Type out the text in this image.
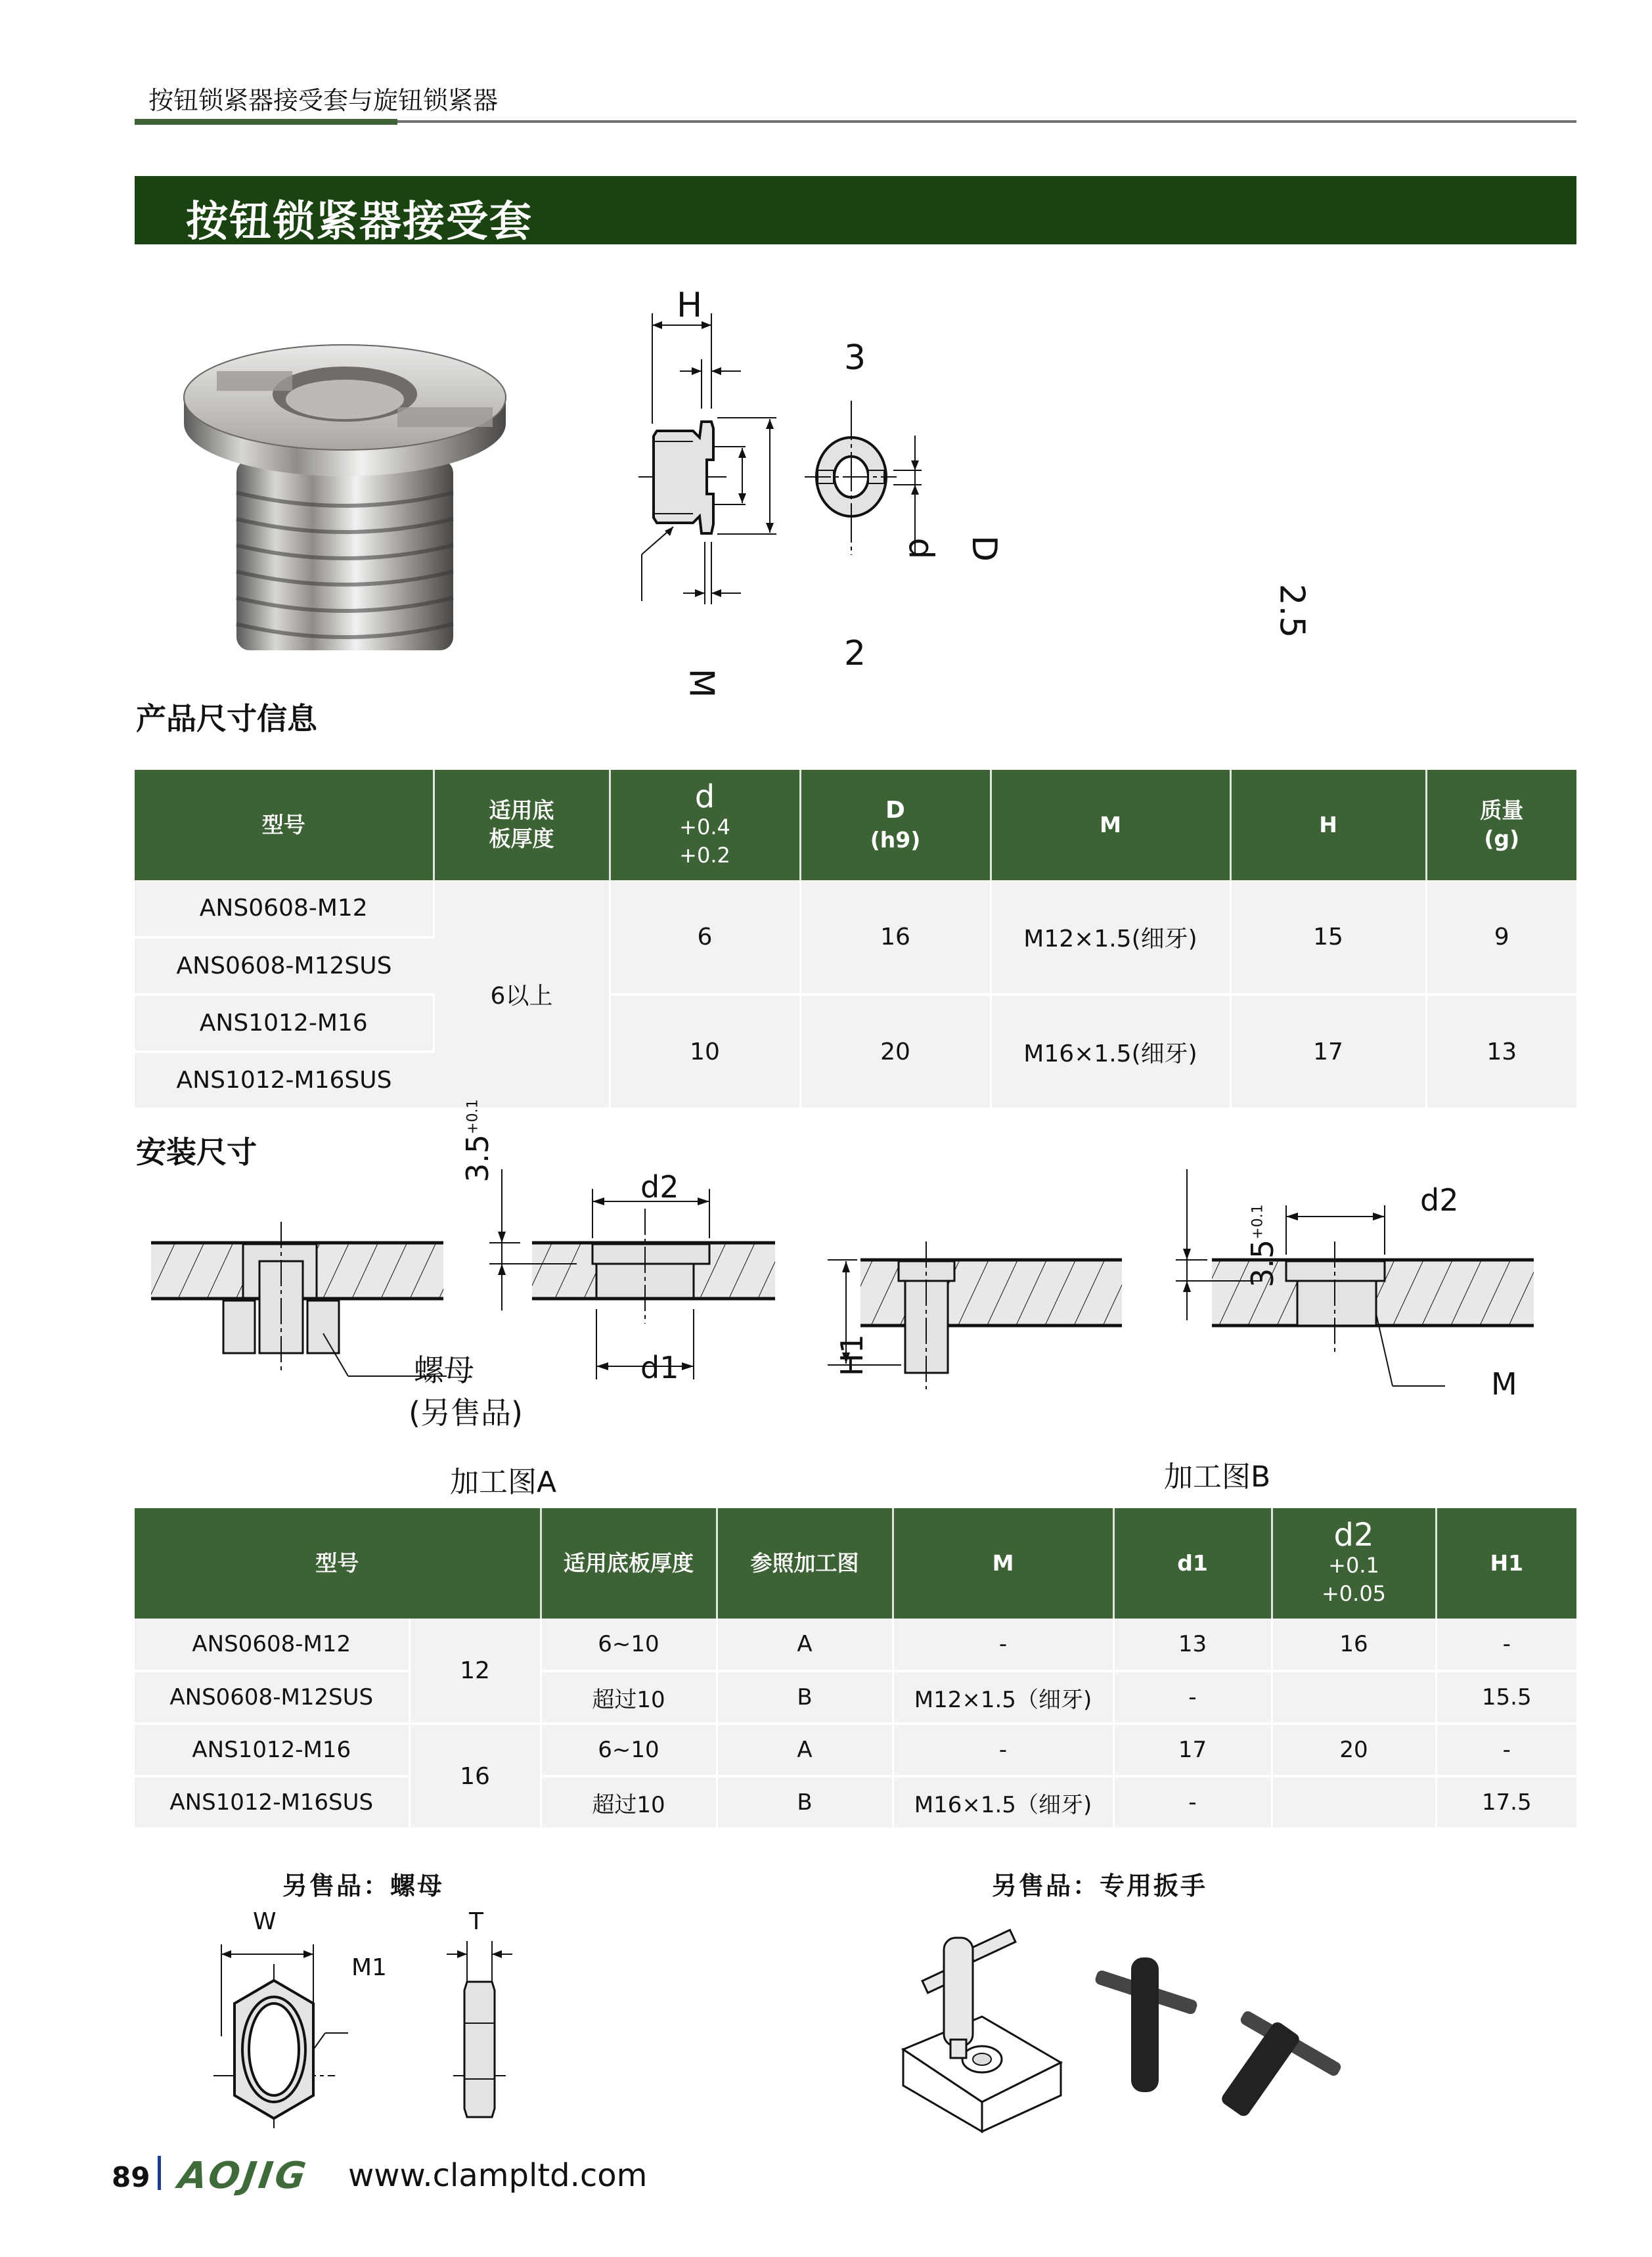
按钮锁紧器接受套与旋钮锁紧器
按钮锁紧器接受套
H
3
2
d D
M
2.5
产品尺寸信息
型号	适用底
板厚度	d
+0.4
+0.2	D
(h9)	M	H	质量
(g)

ANS0608-M12	6以上	6	16	M12×1.5(细牙)	15	9
ANS0608-M12SUS						
ANS1012-M16		10	20	M16×1.5(细牙)	17	13
ANS1012-M16SUS						
安装尺寸	$3.5^{+0.1}$
d2
d1
螺母
(另售品)
加工图A
H1
$3.5^{+0.1}$
d2
M
加工图B
型号		适用底板厚度	参照加工图	M	d1	d2
+0.1
+0.05	H1
ANS0608-M12	12	6~10	A	-	13	16	-
ANS0608-M12SUS		超过10	B	M12×1.5（细牙)	-		15.5
ANS1012-M16	16	6~10	A	-	17	20	-
ANS1012-M16SUS		超过10	B	M16×1.5（细牙)	-		17.5
另售品：螺母	另售品：专用扳手
W	T
M1
89 AOJIG www.clampltd.com
